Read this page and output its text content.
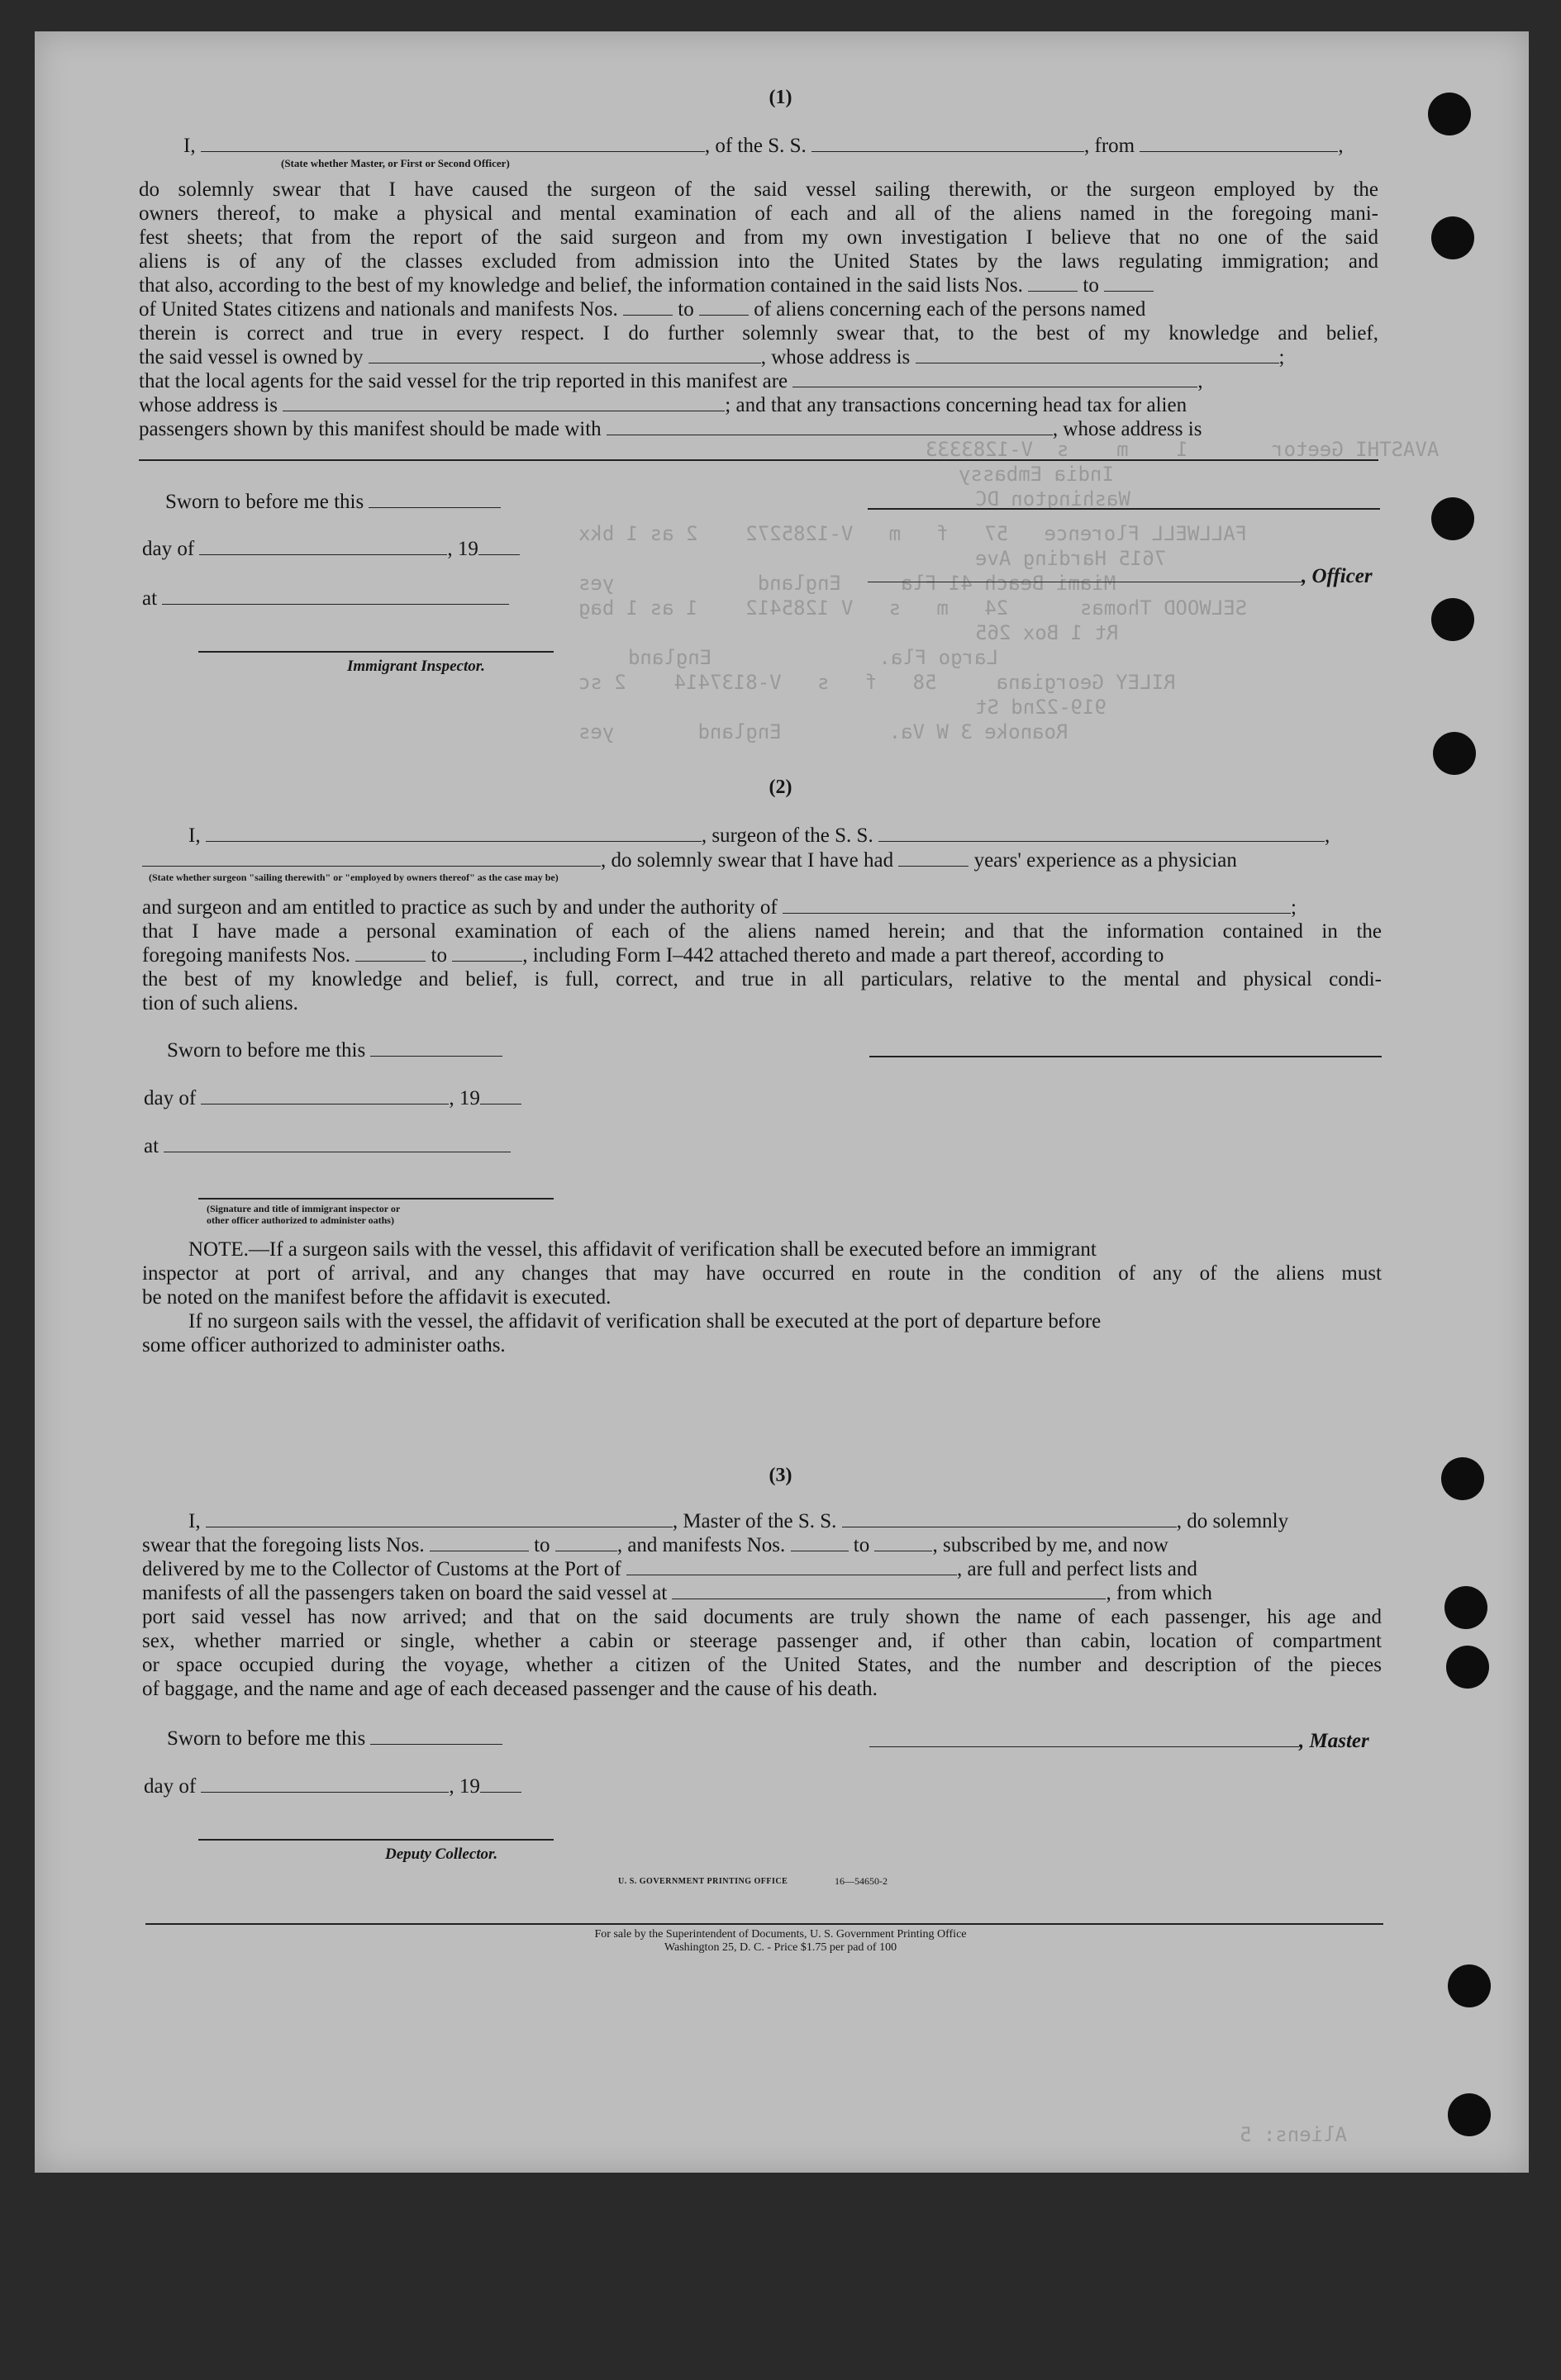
AVASTHI Geetor       1    m    s  V-1283333
India Embassy
Washington DC
FALLWELL Florence   57   f   m   V-1285272    2 as 1 bkx
7615 Harding Ave
Miami Beach 41 Fla     England            yes
SELWOOD Thomas      24   m   s   V 1285412    1 as 1 bag
Rt 1 Box 265
Largo Fla.              England
RILEY Georgiana     58   f   s   V-8137414    2 sc
919-22nd St
Roanoke 3 W Va.         England       yes
Aliens: 5
(1)
I,	, of the S. S.	, from	,
(State whether Master, or First or Second Officer)
do solemnly swear that I have caused the surgeon of the said vessel sailing therewith, or the surgeon employed by the
owners thereof, to make a physical and mental examination of each and all of the aliens named in the foregoing mani-
fest sheets; that from the report of the said surgeon and from my own investigation I believe that no one of the said
aliens is of any of the classes excluded from admission into the United States by the laws regulating immigration; and
that also, according to the best of my knowledge and belief, the information contained in the said lists Nos.	to
of United States citizens and nationals and manifests Nos.	to	of aliens concerning each of the persons named
therein is correct and true in every respect. I do further solemnly swear that, to the best of my knowledge and belief,
the said vessel is owned by	, whose address is	;
that the local agents for the said vessel for the trip reported in this manifest are	,
whose address is	; and that any transactions concerning head tax for alien
passengers shown by this manifest should be made with	, whose address is
Sworn to before me this
day of	, 19
at
Immigrant Inspector.
, Officer
(2)
I,	, surgeon of the S. S.	,
, do solemnly swear that I have had	years' experience as a physician
(State whether surgeon "sailing therewith" or "employed by owners thereof" as the case may be)
and surgeon and am entitled to practice as such by and under the authority of	;
that I have made a personal examination of each of the aliens named herein; and that the information contained in the
foregoing manifests Nos.	to	, including Form I–442 attached thereto and made a part thereof, according to
the best of my knowledge and belief, is full, correct, and true in all particulars, relative to the mental and physical condi-
tion of such aliens.
Sworn to before me this
day of	, 19
at
(Signature and title of immigrant inspector or
other officer authorized to administer oaths)
NOTE.—If a surgeon sails with the vessel, this affidavit of verification shall be executed before an immigrant
inspector at port of arrival, and any changes that may have occurred en route in the condition of any of the aliens must
be noted on the manifest before the affidavit is executed.
If no surgeon sails with the vessel, the affidavit of verification shall be executed at the port of departure before
some officer authorized to administer oaths.
(3)
I,	, Master of the S. S.	, do solemnly
swear that the foregoing lists Nos.	to	, and manifests Nos.	to	, subscribed by me, and now
delivered by me to the Collector of Customs at the Port of	, are full and perfect lists and
manifests of all the passengers taken on board the said vessel at	, from which
port said vessel has now arrived; and that on the said documents are truly shown the name of each passenger, his age and
sex, whether married or single, whether a cabin or steerage passenger and, if other than cabin, location of compartment
or space occupied during the voyage, whether a citizen of the United States, and the number and description of the pieces
of baggage, and the name and age of each deceased passenger and the cause of his death.
Sworn to before me this	, Master
day of	, 19
Deputy Collector.
U. S. GOVERNMENT PRINTING OFFICE	16—54650-2
For sale by the Superintendent of Documents, U. S. Government Printing Office
Washington 25, D. C. - Price $1.75 per pad of 100
